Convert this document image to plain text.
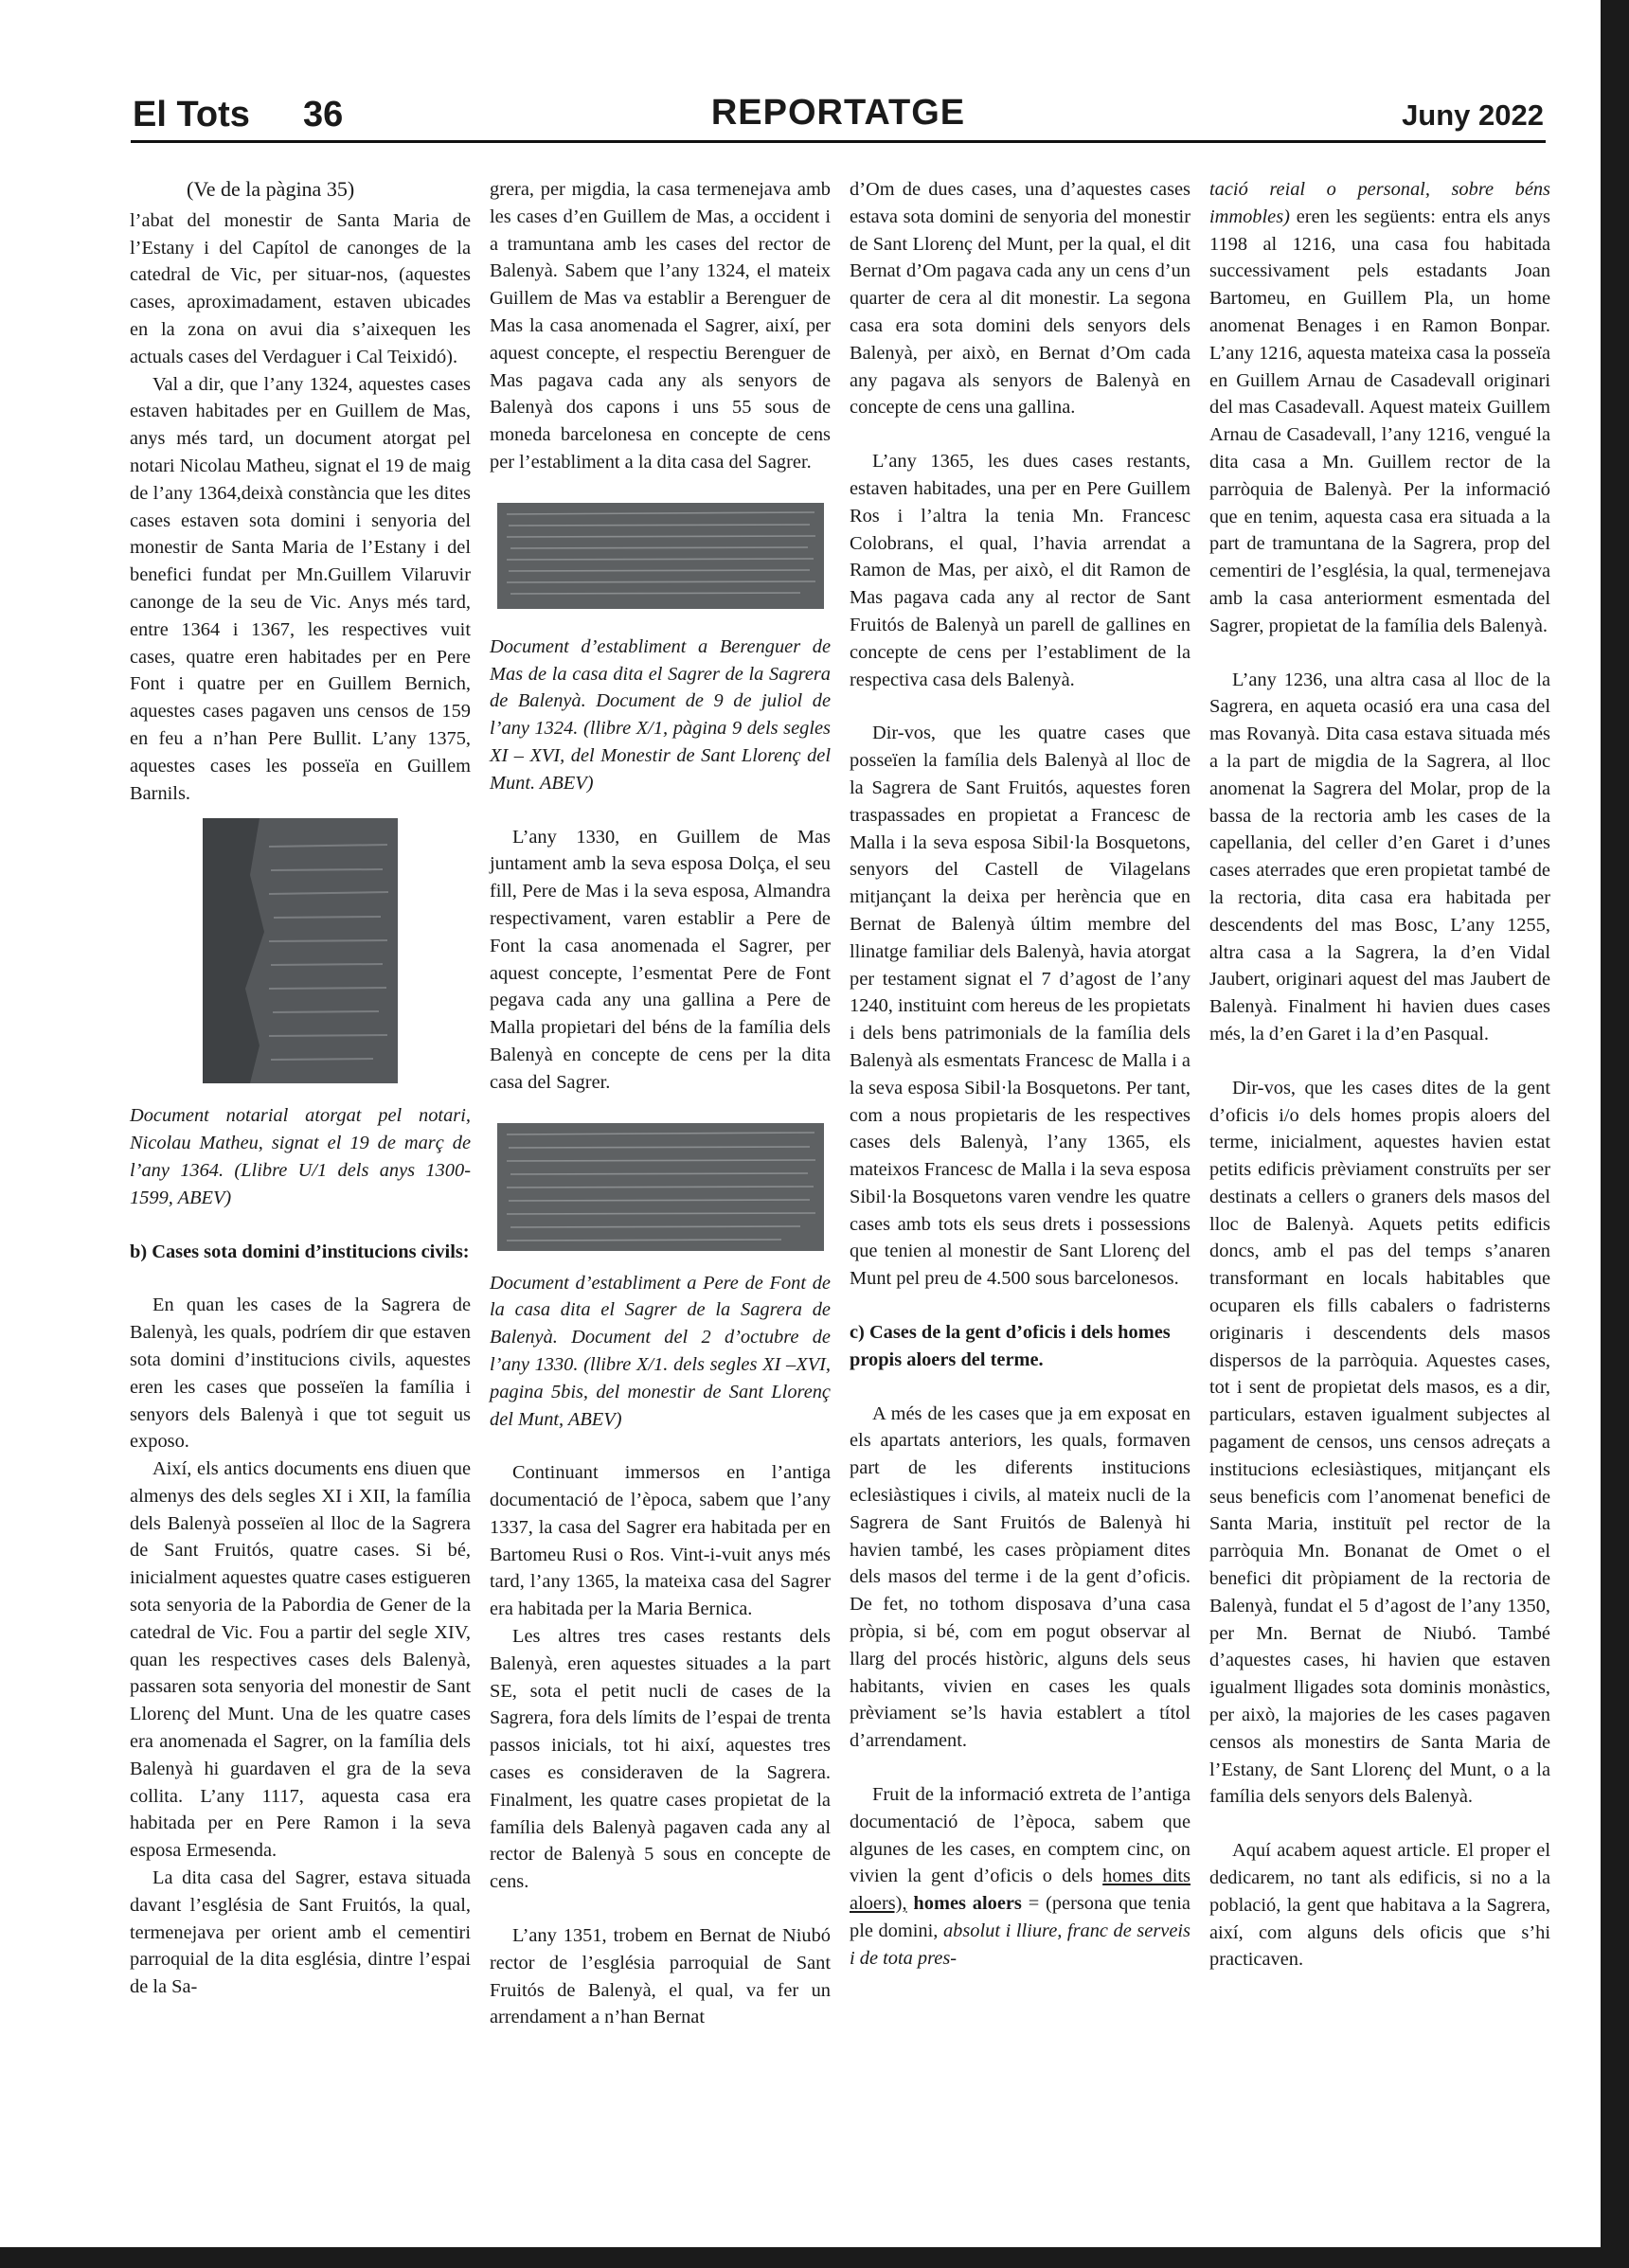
El Tots 36	REPORTATGE	Juny 2022
(Ve de la pàgina 35)

l’abat del monestir de Santa Maria de l’Estany i del Capítol de canonges de la catedral de Vic, per situar-nos, (aquestes cases, aproximadament, estaven ubicades en la zona on avui dia s’aixequen les actuals cases del Verdaguer i Cal Teixidó).

Val a dir, que l’any 1324, aquestes cases estaven habitades per en Guillem de Mas, anys més tard, un document atorgat pel notari Nicolau Matheu, signat el 19 de maig de l’any 1364,deixà constància que les dites cases estaven sota domini i senyoria del monestir de Santa Maria de l’Estany i del benefici fundat per Mn.Guillem Vilaruvir canonge de la seu de Vic. Anys més tard, entre 1364 i 1367, les respectives vuit cases, quatre eren habitades per en Pere Font i quatre per en Guillem Bernich, aquestes cases pagaven uns censos de 159 en feu a n’han Pere Bullit. L’any 1375, aquestes cases les posseïa en Guillem Barnils.

Document notarial atorgat pel notari, Nicolau Matheu, signat el 19 de març de l’any 1364. (Llibre U/1 dels anys 1300-1599, ABEV)

b) Cases sota domini d’institucions civils:

En quan les cases de la Sagrera de Balenyà, les quals, podríem dir que estaven sota domini d’institucions civils, aquestes eren les cases que posseïen la família i senyors dels Balenyà i que tot seguit us exposo.

Així, els antics documents ens diuen que almenys des dels segles XI i XII, la família dels Balenyà posseïen al lloc de la Sagrera de Sant Fruitós, quatre cases. Si bé, inicialment aquestes quatre cases estigueren sota senyoria de la Pabordia de Gener de la catedral de Vic. Fou a partir del segle XIV, quan les respectives cases dels Balenyà, passaren sota senyoria del monestir de Sant Llorenç del Munt. Una de les quatre cases era anomenada el Sagrer, on la família dels Balenyà hi guardaven el gra de la seva collita. L’any 1117, aquesta casa era habitada per en Pere Ramon i la seva esposa Ermesenda.

La dita casa del Sagrer, estava situada davant l’església de Sant Fruitós, la qual, termenejava per orient amb el cementiri parroquial de la dita església, dintre l’espai de la Sa-

grera, per migdia, la casa termenejava amb les cases d’en Guillem de Mas, a occident i a tramuntana amb les cases del rector de Balenyà. Sabem que l’any 1324, el mateix Guillem de Mas va establir a Berenguer de Mas la casa anomenada el Sagrer, així, per aquest concepte, el respectiu Berenguer de Mas pagava cada any als senyors de Balenyà dos capons i uns 55 sous de moneda barcelonesa en concepte de cens per l’establiment a la dita casa del Sagrer.

Document d’establiment a Berenguer de Mas de la casa dita el Sagrer de la Sagrera de Balenyà. Document de 9 de juliol de l’any 1324. (llibre X/1, pàgina 9 dels segles XI – XVI, del Monestir de Sant Llorenç del Munt. ABEV)

L’any 1330, en Guillem de Mas juntament amb la seva esposa Dolça, el seu fill, Pere de Mas i la seva esposa, Almandra respectivament, varen establir a Pere de Font la casa anomenada el Sagrer, per aquest concepte, l’esmentat Pere de Font pegava cada any una gallina a Pere de Malla propietari del béns de la família dels Balenyà en concepte de cens per la dita casa del Sagrer.

Document d’establiment a Pere de Font de la casa dita el Sagrer de la Sagrera de Balenyà. Document del 2 d’octubre de l’any 1330. (llibre X/1. dels segles XI –XVI, pagina 5bis, del monestir de Sant Llorenç del Munt, ABEV)

Continuant immersos en l’antiga documentació de l’època, sabem que l’any 1337, la casa del Sagrer era habitada per en Bartomeu Rusi o Ros. Vint-i-vuit anys més tard, l’any 1365, la mateixa casa del Sagrer era habitada per la Maria Bernica.

Les altres tres cases restants dels Balenyà, eren aquestes situades a la part SE, sota el petit nucli de cases de la Sagrera, fora dels límits de l’espai de trenta passos inicials, tot hi així, aquestes tres cases es consideraven de la Sagrera. Finalment, les quatre cases propietat de la família dels Balenyà pagaven cada any al rector de Balenyà 5 sous en concepte de cens.

L’any 1351, trobem en Bernat de Niubó rector de l’església parroquial de Sant Fruitós de Balenyà, el qual, va fer un arrendament a n’han Bernat

d’Om de dues cases, una d’aquestes cases estava sota domini de senyoria del monestir de Sant Llorenç del Munt, per la qual, el dit Bernat d’Om pagava cada any un cens d’un quarter de cera al dit monestir. La segona casa era sota domini dels senyors dels Balenyà, per això, en Bernat d’Om cada any pagava als senyors de Balenyà en concepte de cens una gallina.

L’any 1365, les dues cases restants, estaven habitades, una per en Pere Guillem Ros i l’altra la tenia Mn. Francesc Colobrans, el qual, l’havia arrendat a Ramon de Mas, per això, el dit Ramon de Mas pagava cada any al rector de Sant Fruitós de Balenyà un parell de gallines en concepte de cens per l’establiment de la respectiva casa dels Balenyà.

Dir-vos, que les quatre cases que posseïen la família dels Balenyà al lloc de la Sagrera de Sant Fruitós, aquestes foren traspassades en propietat a Francesc de Malla i la seva esposa Sibil·la Bosquetons, senyors del Castell de Vilagelans mitjançant la deixa per herència que en Bernat de Balenyà últim membre del llinatge familiar dels Balenyà, havia atorgat per testament signat el 7 d’agost de l’any 1240, instituint com hereus de les propietats i dels bens patrimonials de la família dels Balenyà als esmentats Francesc de Malla i a la seva esposa Sibil·la Bosquetons. Per tant, com a nous propietaris de les respectives cases dels Balenyà, l’any 1365, els mateixos Francesc de Malla i la seva esposa Sibil·la Bosquetons varen vendre les quatre cases amb tots els seus drets i possessions que tenien al monestir de Sant Llorenç del Munt pel preu de 4.500 sous barcelonesos.

c) Cases de la gent d’oficis i dels homes propis aloers del terme.

A més de les cases que ja em exposat en els apartats anteriors, les quals, formaven part de les diferents institucions eclesiàstiques i civils, al mateix nucli de la Sagrera de Sant Fruitós de Balenyà hi havien també, les cases pròpiament dites dels masos del terme i de la gent d’oficis. De fet, no tothom disposava d’una casa pròpia, si bé, com em pogut observar al llarg del procés històric, alguns dels seus habitants, vivien en cases les quals prèviament se’ls havia establert a títol d’arrendament.

Fruit de la informació extreta de l’antiga documentació de l’època, sabem que algunes de les cases, en comptem cinc, on vivien la gent d’oficis o dels homes dits aloers), homes aloers = (persona que tenia ple domini, absolut i lliure, franc de serveis i de tota pres-

tació reial o personal, sobre béns immobles) eren les següents: entra els anys 1198 al 1216, una casa fou habitada successivament pels estadants Joan Bartomeu, en Guillem Pla, un home anomenat Benages i en Ramon Bonpar. L’any 1216, aquesta mateixa casa la posseïa en Guillem Arnau de Casadevall originari del mas Casadevall. Aquest mateix Guillem Arnau de Casadevall, l’any 1216, vengué la dita casa a Mn. Guillem rector de la parròquia de Balenyà. Per la informació que en tenim, aquesta casa era situada a la part de tramuntana de la Sagrera, prop del cementiri de l’església, la qual, termenejava amb la casa anteriorment esmentada del Sagrer, propietat de la família dels Balenyà.

L’any 1236, una altra casa al lloc de la Sagrera, en aqueta ocasió era una casa del mas Rovanyà. Dita casa estava situada més a la part de migdia de la Sagrera, al lloc anomenat la Sagrera del Molar, prop de la bassa de la rectoria amb les cases de la capellania, del celler d’en Garet i d’unes cases aterrades que eren propietat també de la rectoria, dita casa era habitada per descendents del mas Bosc, L’any 1255, altra casa a la Sagrera, la d’en Vidal Jaubert, originari aquest del mas Jaubert de Balenyà. Finalment hi havien dues cases més, la d’en Garet i la d’en Pasqual.

Dir-vos, que les cases dites de la gent d’oficis i/o dels homes propis aloers del terme, inicialment, aquestes havien estat petits edificis prèviament construïts per ser destinats a cellers o graners dels masos del lloc de Balenyà. Aquets petits edificis doncs, amb el pas del temps s’anaren transformant en locals habitables que ocuparen els fills cabalers o fadristerns originaris i descendents dels masos dispersos de la parròquia. Aquestes cases, tot i sent de propietat dels masos, es a dir, particulars, estaven igualment subjectes al pagament de censos, uns censos adreçats a institucions eclesiàstiques, mitjançant els seus beneficis com l’anomenat benefici de Santa Maria, instituït pel rector de la parròquia Mn. Bonanat de Omet o el benefici dit pròpiament de la rectoria de Balenyà, fundat el 5 d’agost de l’any 1350, per Mn. Bernat de Niubó. També d’aquestes cases, hi havien que estaven igualment lligades sota dominis monàstics, per això, la majories de les cases pagaven censos als monestirs de Santa Maria de l’Estany, de Sant Llorenç del Munt, o a la família dels senyors dels Balenyà.

Aquí acabem aquest article. El proper el dedicarem, no tant als edificis, si no a la població, la gent que habitava a la Sagrera, així, com alguns dels oficis que s’hi practicaven.
